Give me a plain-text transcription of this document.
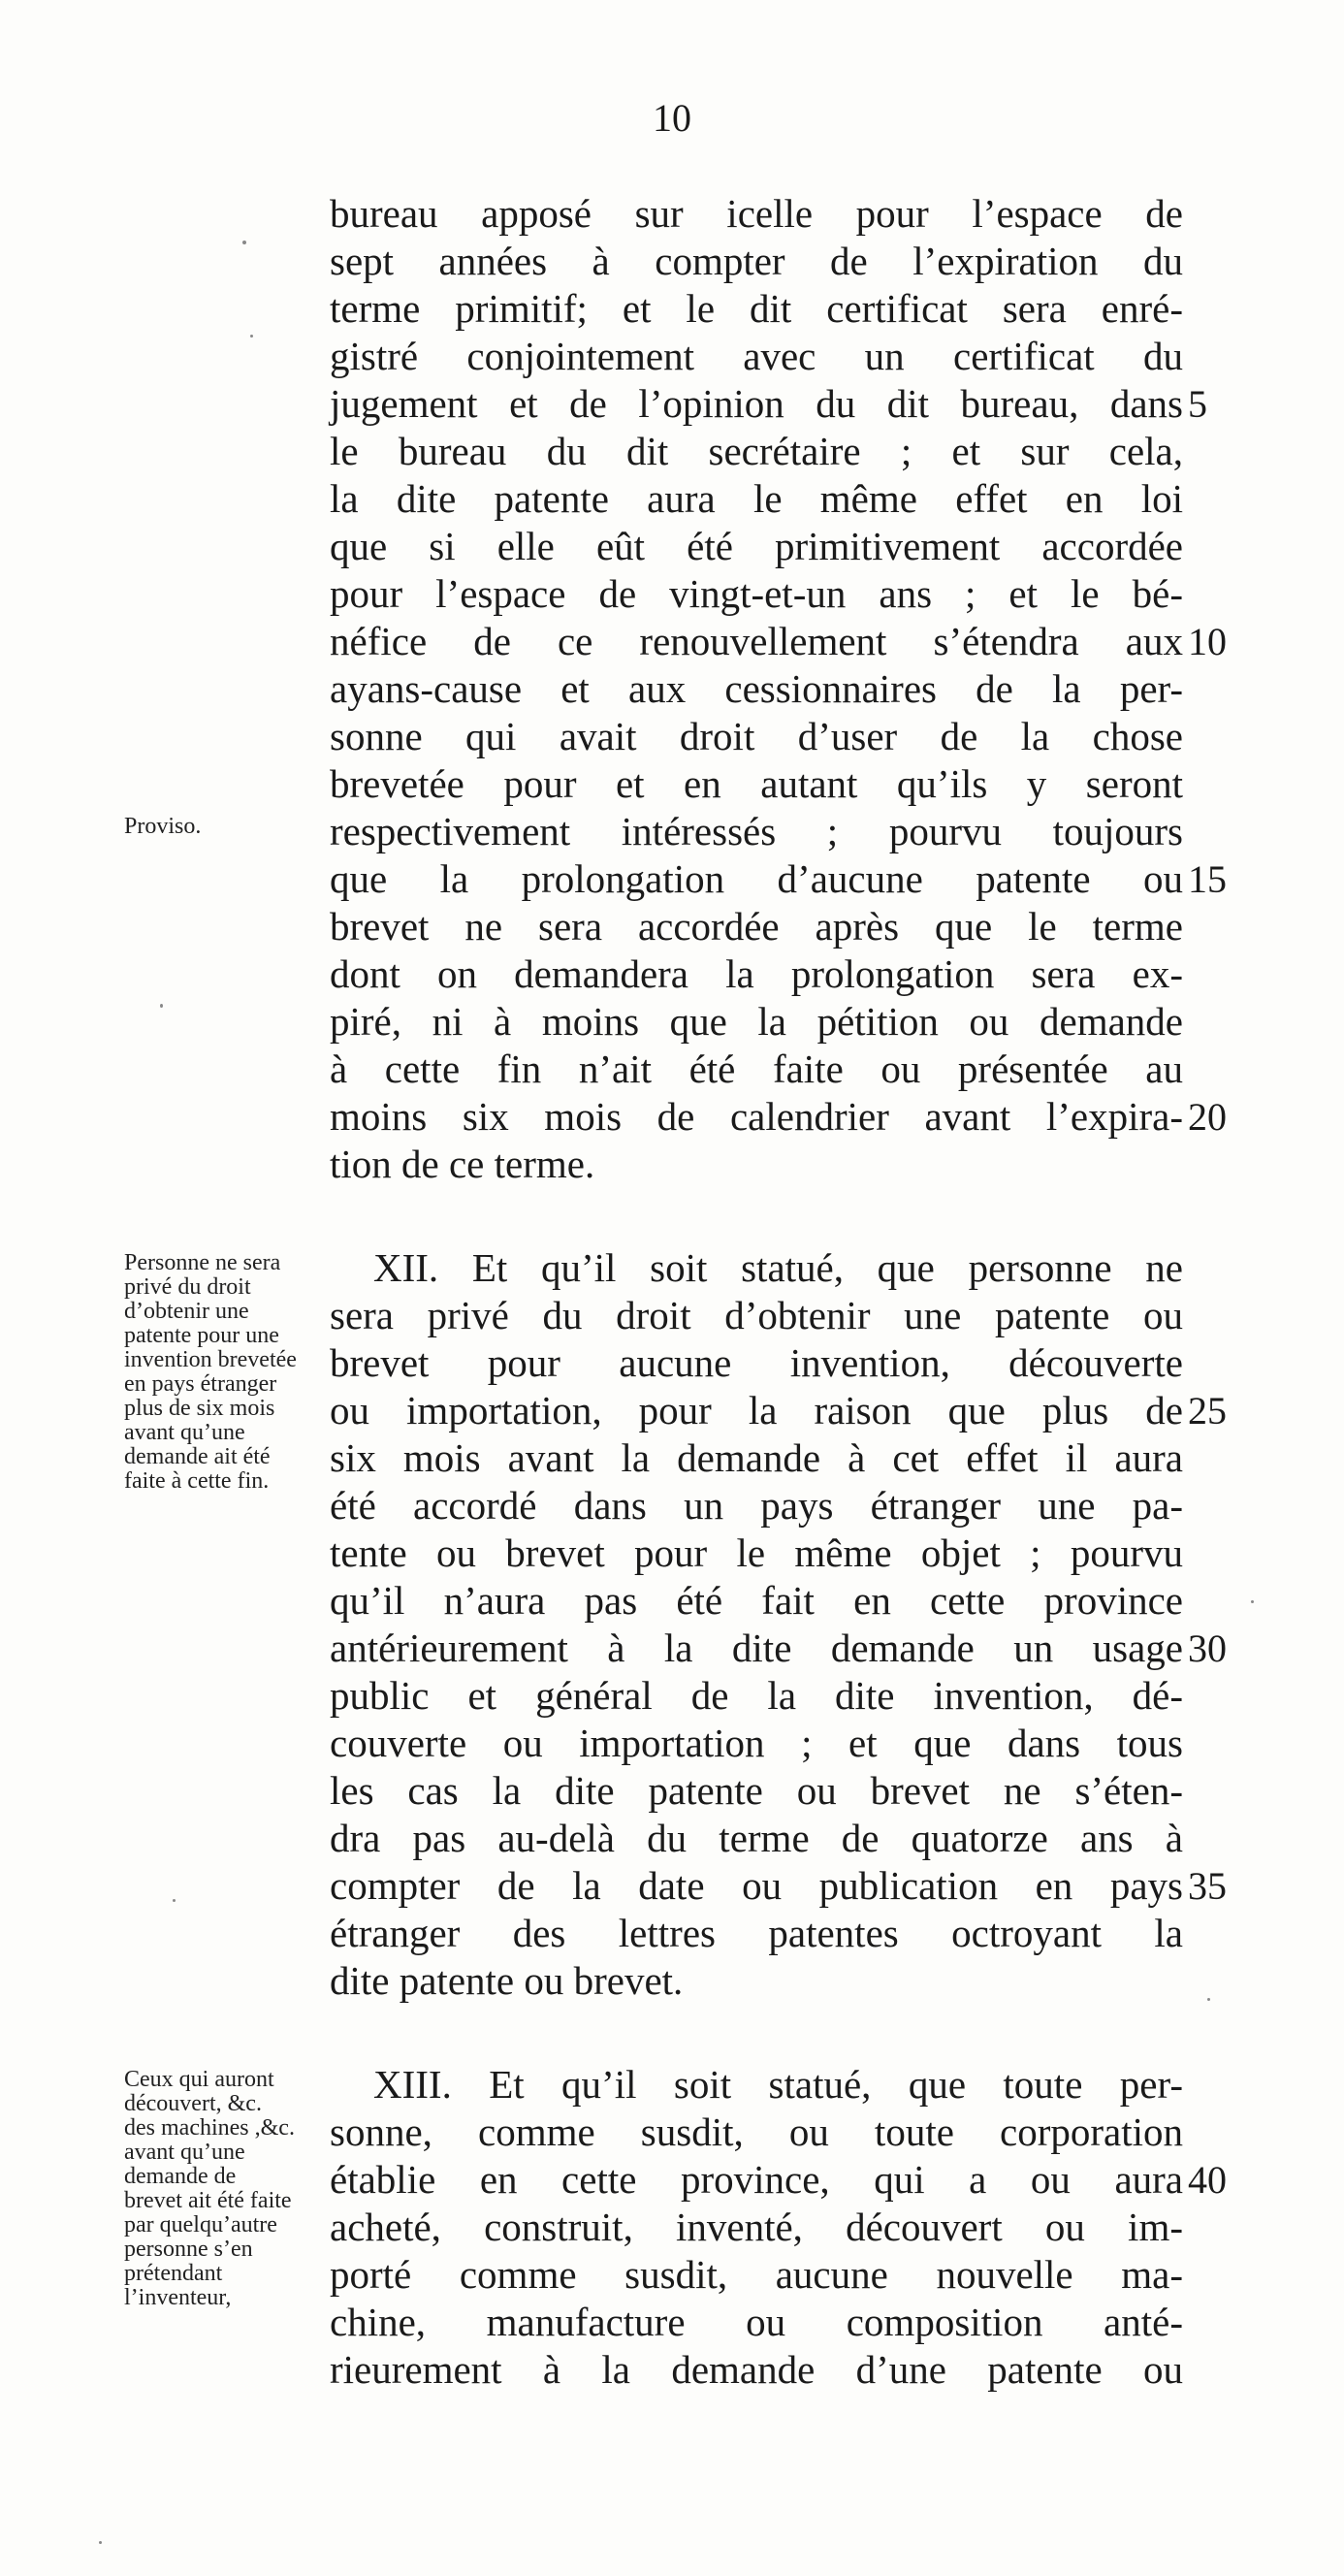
10
bureau apposé sur icelle pour l’espace de
sept années à compter de l’expiration du
terme primitif; et le dit certificat sera enré-
gistré conjointement avec un certificat du
jugement et de l’opinion du dit bureau, dans
le bureau du dit secrétaire ; et sur cela,
la dite patente aura le même effet en loi
que si elle eût été primitivement accordée
pour l’espace de vingt-et-un ans ; et le bé-
néfice de ce renouvellement s’étendra aux
ayans-cause et aux cessionnaires de la per-
sonne qui avait droit d’user de la chose
brevetée pour et en autant qu’ils y seront
respectivement intéressés ; pourvu toujours
que la prolongation d’aucune patente ou
brevet ne sera accordée après que le terme
dont on demandera la prolongation sera ex-
piré, ni à moins que la pétition ou demande
à cette fin n’ait été faite ou présentée au
moins six mois de calendrier avant l’expira-
tion de ce terme.
XII. Et qu’il soit statué, que personne ne
sera privé du droit d’obtenir une patente ou
brevet pour aucune invention, découverte
ou importation, pour la raison que plus de
six mois avant la demande à cet effet il aura
été accordé dans un pays étranger une pa-
tente ou brevet pour le même objet ; pourvu
qu’il n’aura pas été fait en cette province
antérieurement à la dite demande un usage
public et général de la dite invention, dé-
couverte ou importation ; et que dans tous
les cas la dite patente ou brevet ne s’éten-
dra pas au-delà du terme de quatorze ans à
compter de la date ou publication en pays
étranger des lettres patentes octroyant la
dite patente ou brevet.
XIII. Et qu’il soit statué, que toute per-
sonne, comme susdit, ou toute corporation
établie en cette province, qui a ou aura
acheté, construit, inventé, découvert ou im-
porté comme susdit, aucune nouvelle ma-
chine, manufacture ou composition anté-
rieurement à la demande d’une patente ou
5
10
15
20
25
30
35
40
Proviso.
Personne ne sera privé du droit d’obtenir une patente pour une invention brevetée en pays étranger plus de six mois avant qu’une demande ait été faite à cette fin.
Ceux qui auront découvert, &c. des machines ,&c. avant qu’une demande de brevet ait été faite par quelqu’autre personne s’en prétendant l’inventeur,
